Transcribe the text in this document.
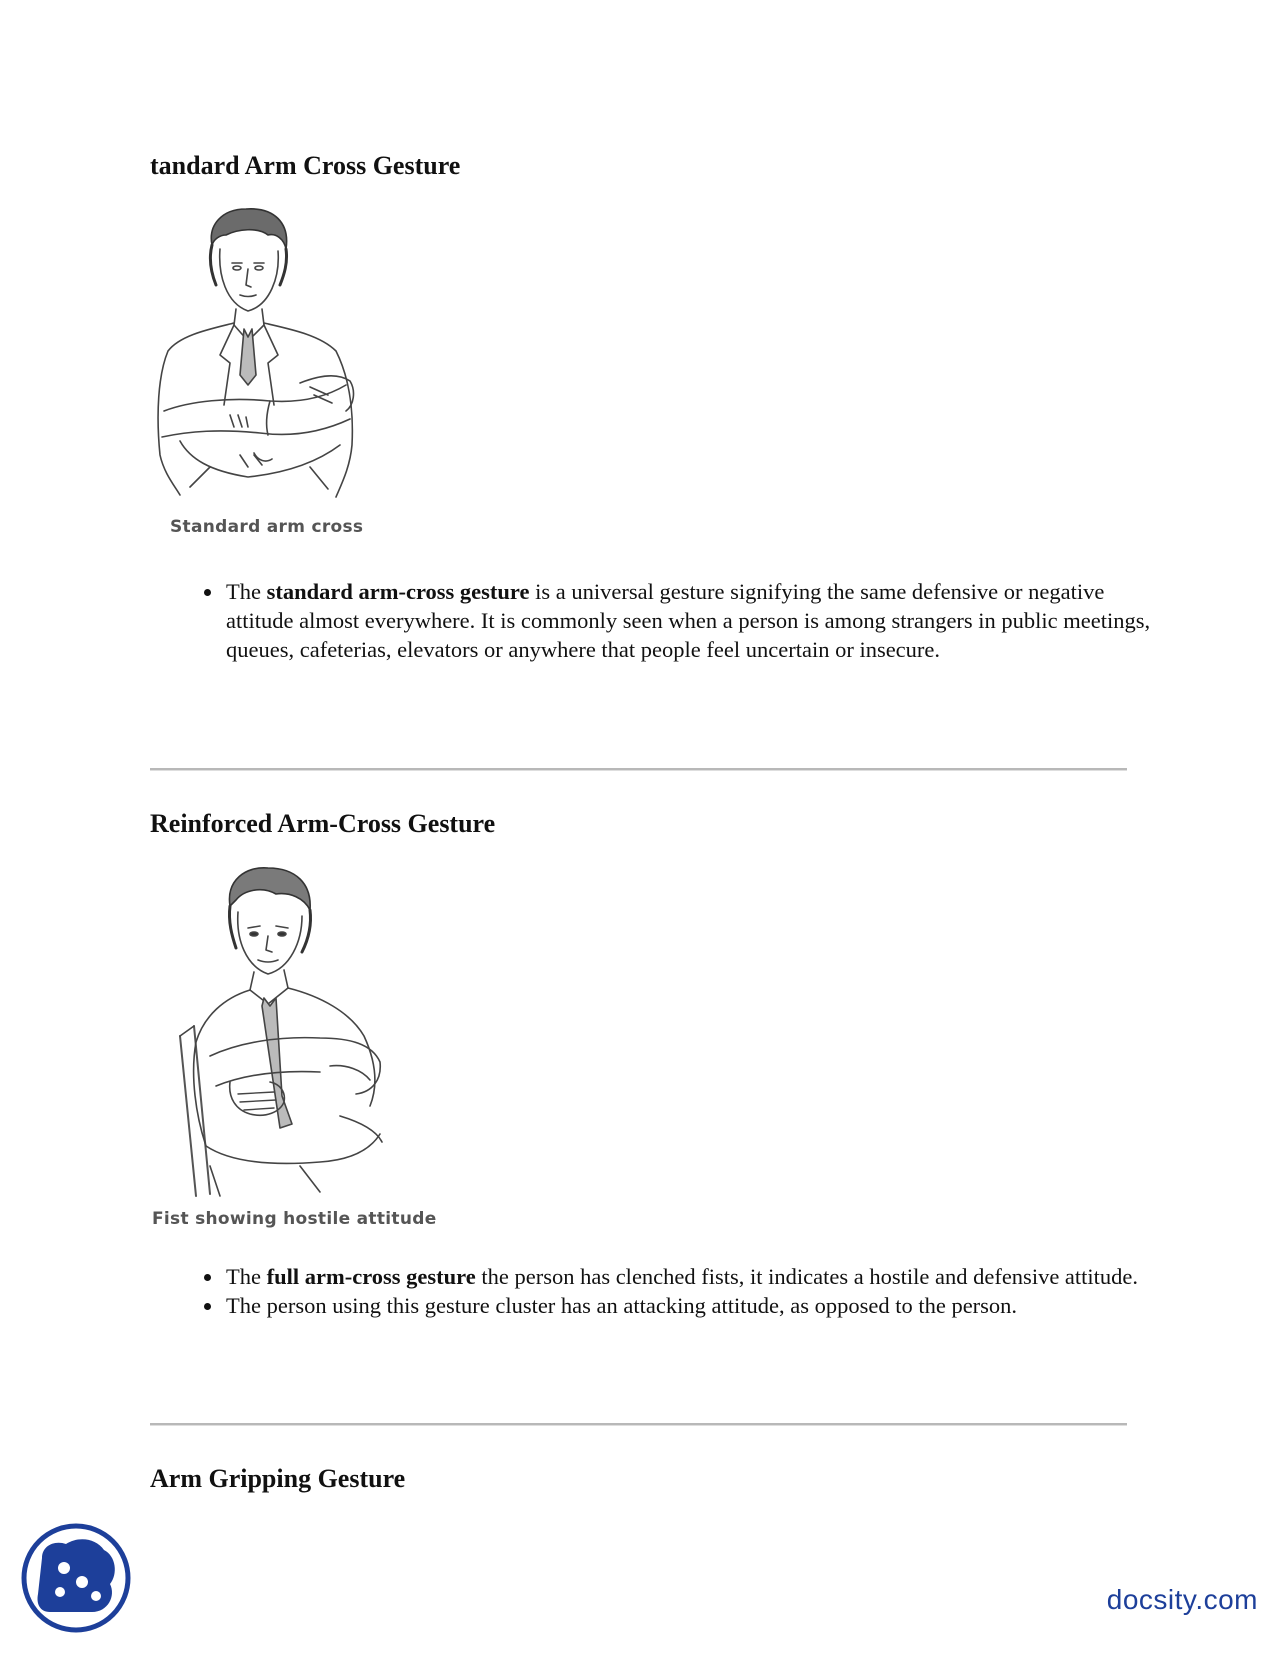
tandard Arm Cross Gesture
Standard arm cross
• The standard arm-cross gesture is a universal gesture signifying the same defensive or negative attitude almost everywhere. It is commonly seen when a person is among strangers in public meetings, queues, cafeterias, elevators or anywhere that people feel uncertain or insecure.
Reinforced Arm-Cross Gesture
Fist showing hostile attitude
• The full arm-cross gesture the person has clenched fists, it indicates a hostile and defensive attitude.
• The person using this gesture cluster has an attacking attitude, as opposed to the person.
Arm Gripping Gesture
docsity.com
